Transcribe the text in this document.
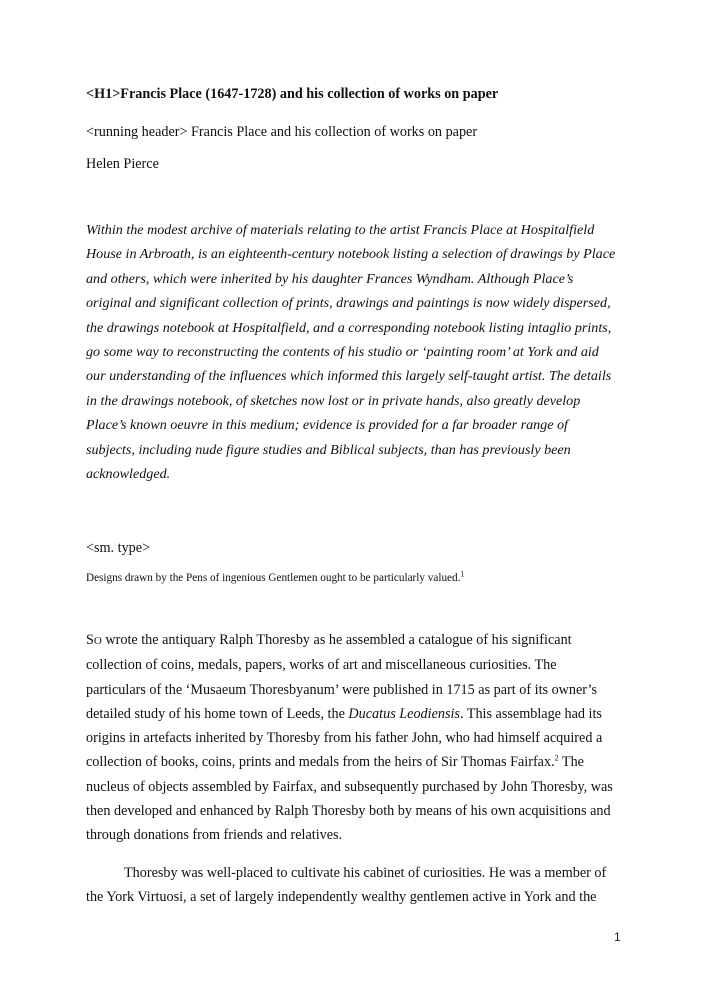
<H1>Francis Place (1647-1728) and his collection of works on paper
<running header> Francis Place and his collection of works on paper
Helen Pierce
Within the modest archive of materials relating to the artist Francis Place at Hospitalfield
House in Arbroath, is an eighteenth-century notebook listing a selection of drawings by Place
and others, which were inherited by his daughter Frances Wyndham. Although Place’s
original and significant collection of prints, drawings and paintings is now widely dispersed,
the drawings notebook at Hospitalfield, and a corresponding notebook listing intaglio prints,
go some way to reconstructing the contents of his studio or ‘painting room’ at York and aid
our understanding of the influences which informed this largely self-taught artist. The details
in the drawings notebook, of sketches now lost or in private hands, also greatly develop
Place’s known oeuvre in this medium; evidence is provided for a far broader range of
subjects, including nude figure studies and Biblical subjects, than has previously been
acknowledged.
<sm. type>
Designs drawn by the Pens of ingenious Gentlemen ought to be particularly valued.$^1$
SO wrote the antiquary Ralph Thoresby as he assembled a catalogue of his significant
collection of coins, medals, papers, works of art and miscellaneous curiosities. The
particulars of the ‘Musaeum Thoresbyanum’ were published in 1715 as part of its owner’s
detailed study of his home town of Leeds, the Ducatus Leodiensis. This assemblage had its
origins in artefacts inherited by Thoresby from his father John, who had himself acquired a
collection of books, coins, prints and medals from the heirs of Sir Thomas Fairfax.$^2$ The
nucleus of objects assembled by Fairfax, and subsequently purchased by John Thoresby, was
then developed and enhanced by Ralph Thoresby both by means of his own acquisitions and
through donations from friends and relatives.
Thoresby was well-placed to cultivate his cabinet of curiosities. He was a member of
the York Virtuosi, a set of largely independently wealthy gentlemen active in York and the
1
